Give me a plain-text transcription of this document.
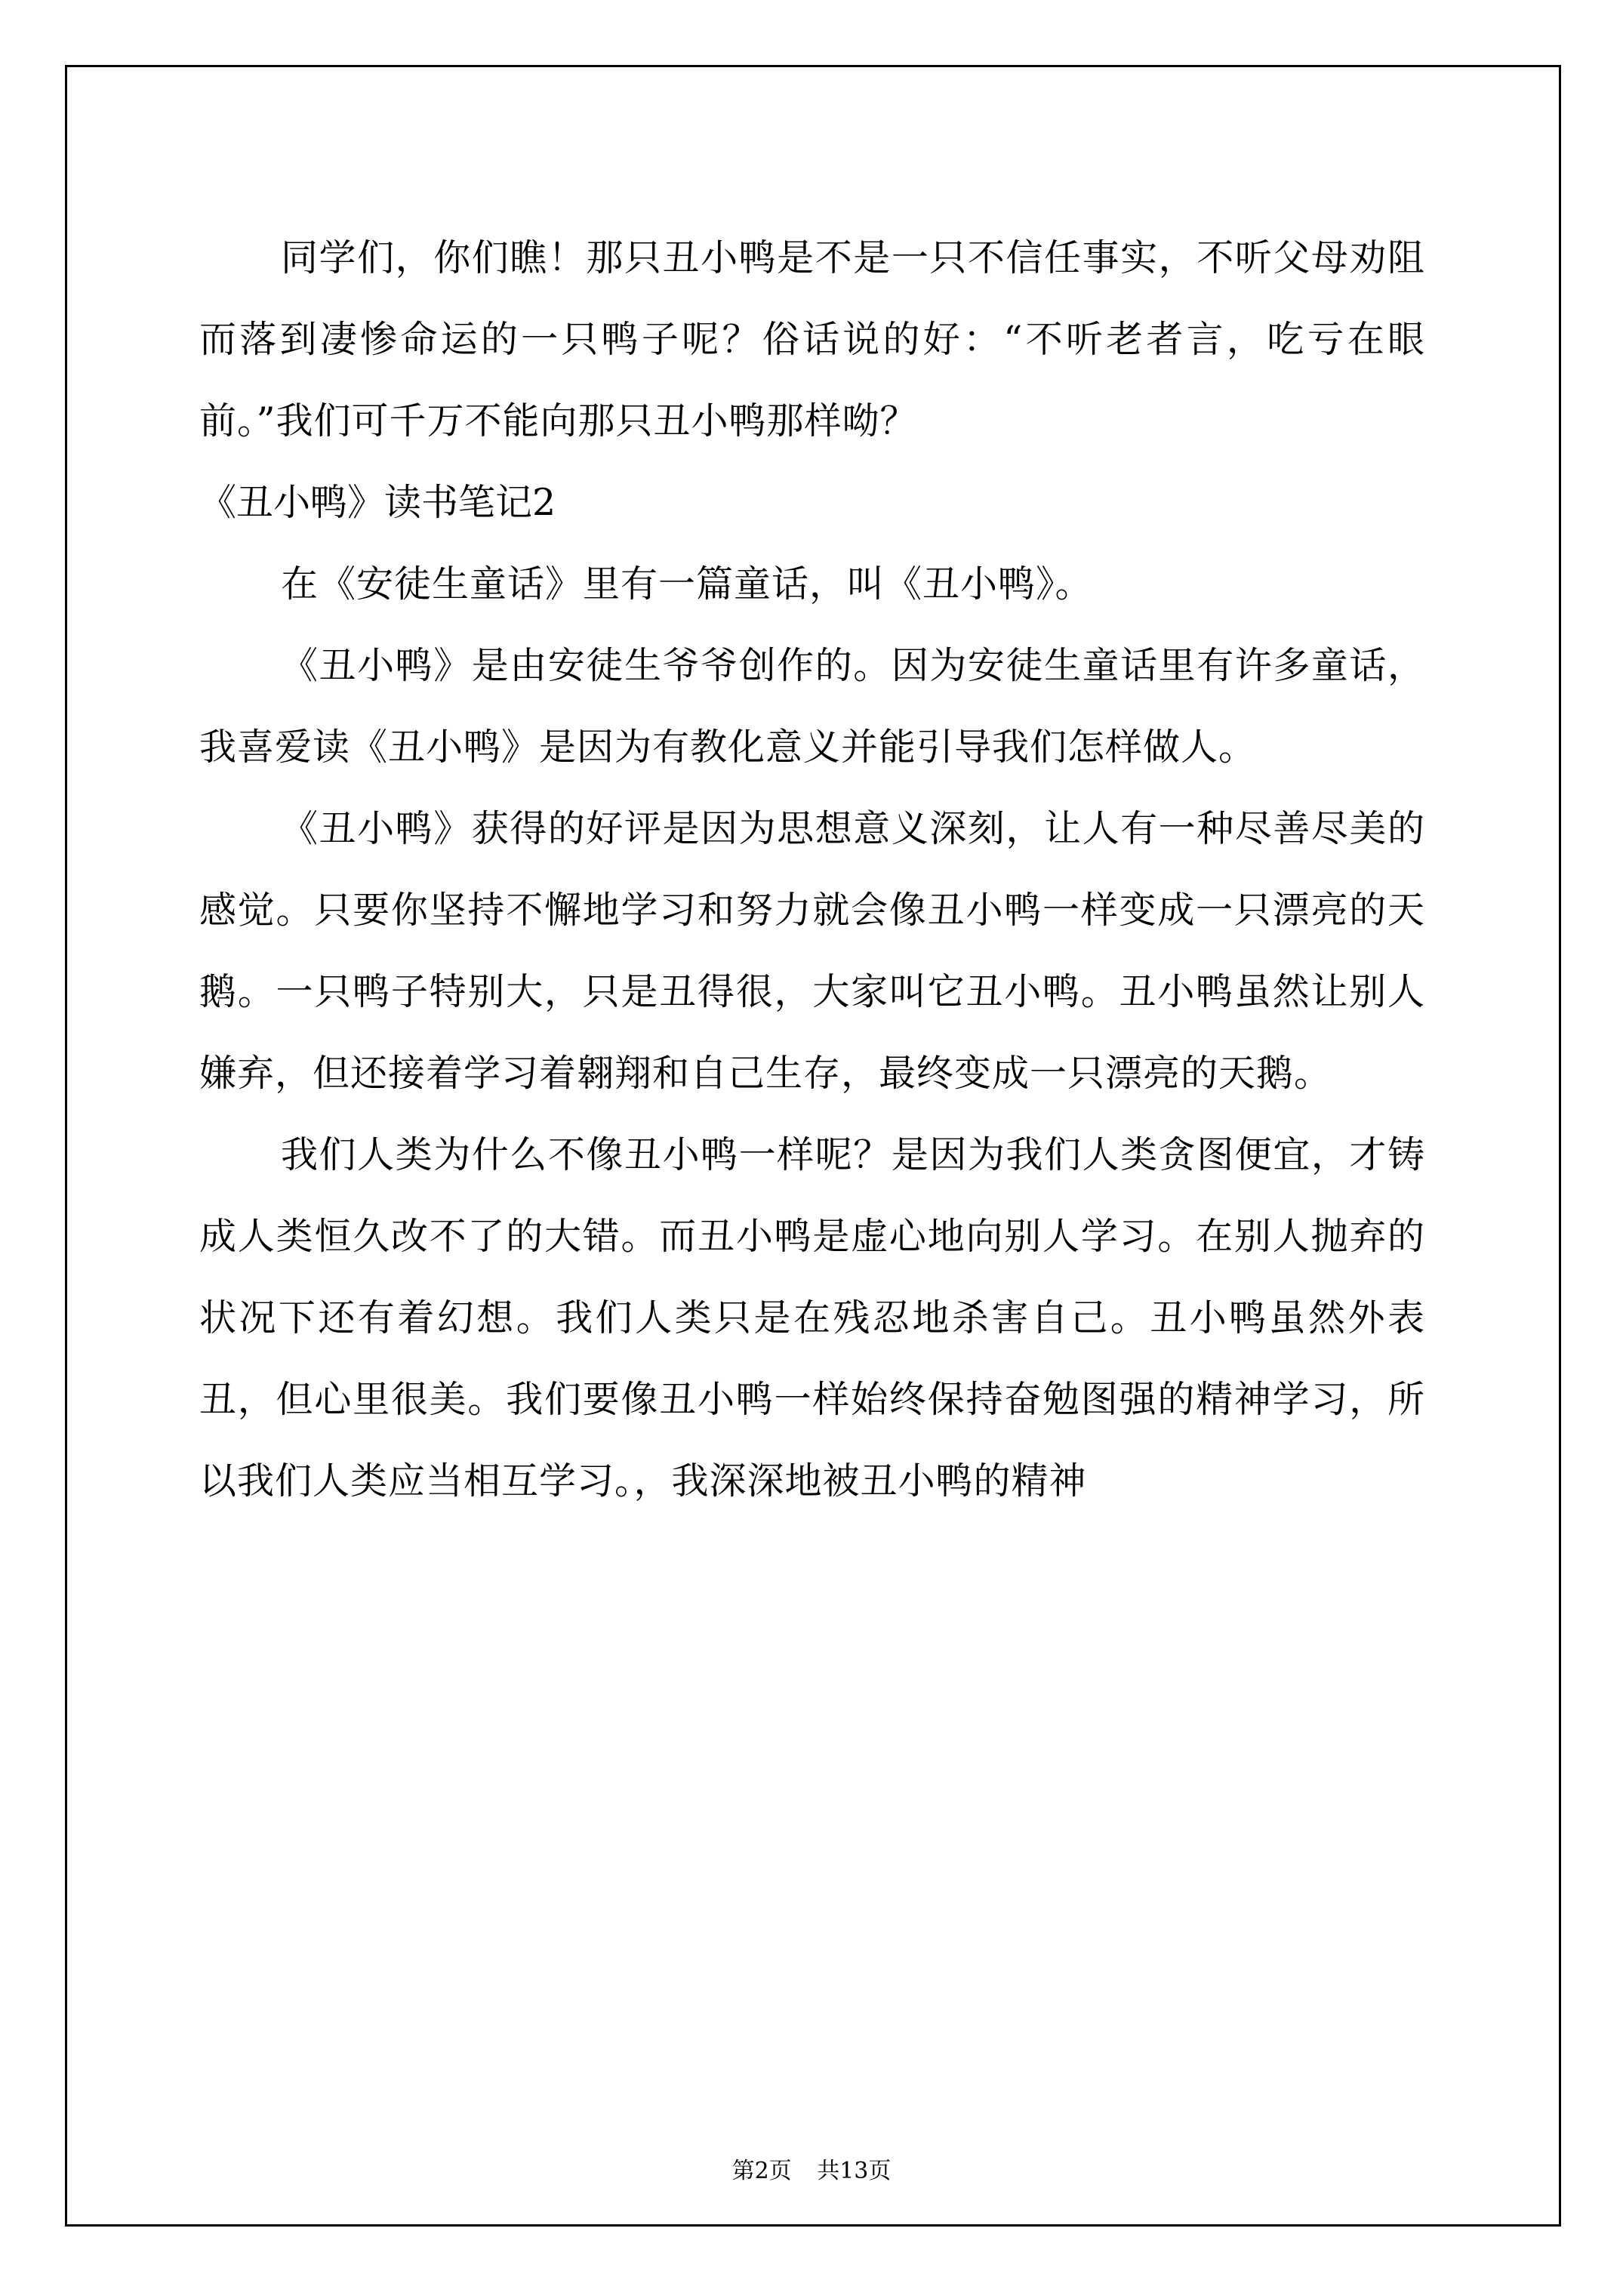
同学们，你们瞧！那只丑小鸭是不是一只不信任事实，不听父母劝阻而落到凄惨命运的一只鸭子呢？俗话说的好：“不听老者言，吃亏在眼前。”我们可千万不能向那只丑小鸭那样呦？

《丑小鸭》读书笔记2

在《安徒生童话》里有一篇童话，叫《丑小鸭》。

《丑小鸭》是由安徒生爷爷创作的。因为安徒生童话里有许多童话，我喜爱读《丑小鸭》是因为有教化意义并能引导我们怎样做人。

《丑小鸭》获得的好评是因为思想意义深刻，让人有一种尽善尽美的感觉。只要你坚持不懈地学习和努力就会像丑小鸭一样变成一只漂亮的天鹅。一只鸭子特别大，只是丑得很，大家叫它丑小鸭。丑小鸭虽然让别人嫌弃，但还接着学习着翱翔和自己生存，最终变成一只漂亮的天鹅。

我们人类为什么不像丑小鸭一样呢？是因为我们人类贪图便宜，才铸成人类恒久改不了的大错。而丑小鸭是虚心地向别人学习。在别人抛弃的状况下还有着幻想。我们人类只是在残忍地杀害自己。丑小鸭虽然外表丑，但心里很美。我们要像丑小鸭一样始终保持奋勉图强的精神学习，所以我们人类应当相互学习。，我深深地被丑小鸭的精神

第2页 共13页
